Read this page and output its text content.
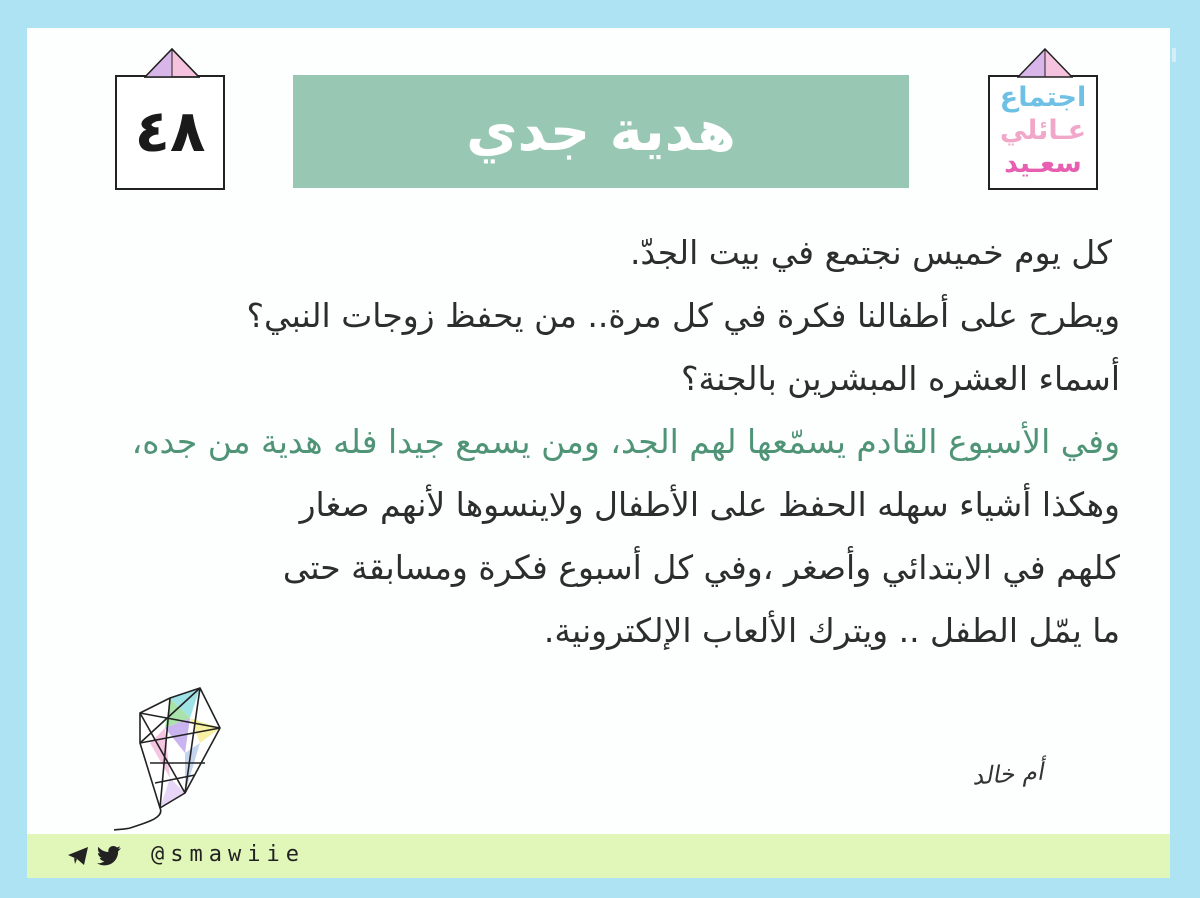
٤٨	هدية جدي
اجتماع
عـائلي
سعـيد
كل يوم خميس نجتمع في بيت الجدّ.
ويطرح على أطفالنا فكرة في كل مرة.. من يحفظ زوجات النبي؟
أسماء العشره المبشرين بالجنة؟
وفي الأسبوع القادم يسمّعها لهم الجد، ومن يسمع جيدا فله هدية من جده،
وهكذا أشياء سهله الحفظ على الأطفال ولاينسوها لأنهم صغار
كلهم في الابتدائي وأصغر ،وفي كل أسبوع فكرة ومسابقة حتى
ما يمّل الطفل .. ويترك الألعاب الإلكترونية.
أم خالد
@smawiie
